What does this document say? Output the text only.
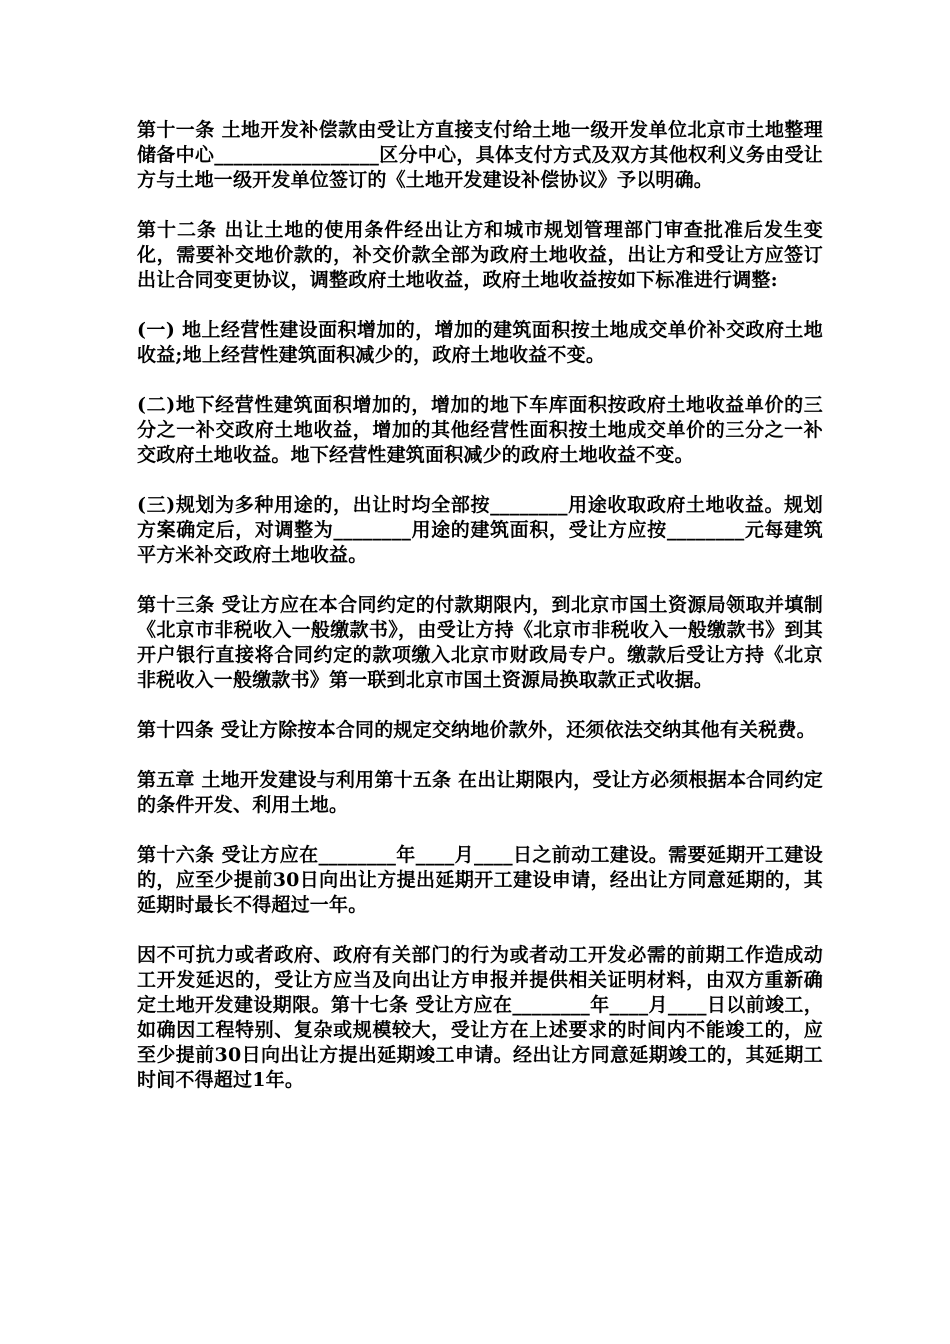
第十一条 土地开发补偿款由受让方直接支付给土地一级开发单位北京市土地整理储备中心_________________区分中心，具体支付方式及双方其他权利义务由受让方与土地一级开发单位签订的《土地开发建设补偿协议》予以明确。

第十二条 出让土地的使用条件经出让方和城市规划管理部门审查批准后发生变化，需要补交地价款的，补交价款全部为政府土地收益，出让方和受让方应签订出让合同变更协议，调整政府土地收益，政府土地收益按如下标准进行调整:

(一) 地上经营性建设面积增加的，增加的建筑面积按土地成交单价补交政府土地收益;地上经营性建筑面积减少的，政府土地收益不变。

(二)地下经营性建筑面积增加的，增加的地下车库面积按政府土地收益单价的三分之一补交政府土地收益，增加的其他经营性面积按土地成交单价的三分之一补交政府土地收益。地下经营性建筑面积减少的政府土地收益不变。

(三)规划为多种用途的，出让时均全部按________用途收取政府土地收益。规划方案确定后，对调整为________用途的建筑面积，受让方应按________元每建筑平方米补交政府土地收益。

第十三条 受让方应在本合同约定的付款期限内，到北京市国土资源局领取并填制《北京市非税收入一般缴款书》，由受让方持《北京市非税收入一般缴款书》到其开户银行直接将合同约定的款项缴入北京市财政局专户。缴款后受让方持《北京非税收入一般缴款书》第一联到北京市国土资源局换取款正式收据。

第十四条 受让方除按本合同的规定交纳地价款外，还须依法交纳其他有关税费。

第五章 土地开发建设与利用第十五条 在出让期限内，受让方必须根据本合同约定的条件开发、利用土地。

第十六条 受让方应在________年____月____日之前动工建设。需要延期开工建设的，应至少提前30日向出让方提出延期开工建设申请，经出让方同意延期的，其延期时最长不得超过一年。

因不可抗力或者政府、政府有关部门的行为或者动工开发必需的前期工作造成动工开发延迟的，受让方应当及向出让方申报并提供相关证明材料，由双方重新确定土地开发建设期限。第十七条 受让方应在________年____月____日以前竣工，如确因工程特别、复杂或规模较大，受让方在上述要求的时间内不能竣工的，应至少提前30日向出让方提出延期竣工申请。经出让方同意延期竣工的，其延期工时间不得超过1年。
